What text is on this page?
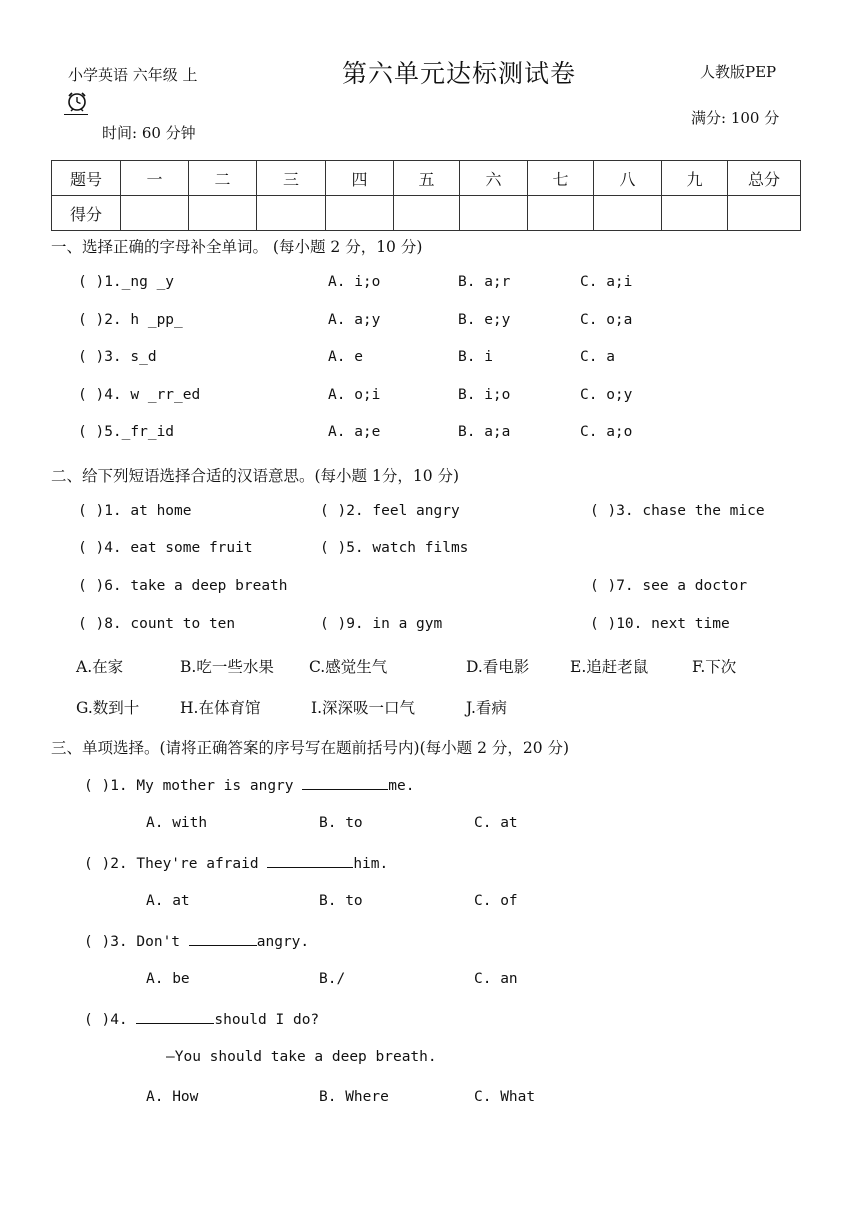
小学英语 六年级 上	第六单元达标测试卷	人教版PEP
时间: 60 分钟
满分: 100 分
题号	一	二	三	四	五	六	七	八	九	总分
得分										
一、选择正确的字母补全单词。 (每小题 2 分，10 分)
( )1._ng _y	A. i;o	B. a;r	C. a;i
( )2. h _pp_	A. a;y	B. e;y	C. o;a
( )3. s_d	A. e	B. i	C. a
( )4. w _rr_ed	A. o;i	B. i;o	C. o;y
( )5._fr_id	A. a;e	B. a;a	C. a;o
二、给下列短语选择合适的汉语意思。(每小题 1分，10 分)
( )1. at home	( )2. feel angry	( )3. chase the mice
( )4. eat some fruit	( )5. watch films
( )6. take a deep breath	( )7. see a doctor
( )8. count to ten	( )9. in a gym	( )10. next time
A.在家	B.吃一些水果 C.感觉生气	D.看电影	E.追赶老鼠	F.下次
G.数到十	H.在体育馆	I.深深吸一口气	J.看病
三、单项选择。(请将正确答案的序号写在题前括号内)(每小题 2 分，20 分)
( )1. My mother is angry	me.
A. with	B. to	C. at
( )2. They're afraid	him.
A. at	B. to	C. of
( )3. Don't	angry.
A. be	B./	C. an
( )4.	should I do?
—You should take a deep breath.
A. How	B. Where	C. What
